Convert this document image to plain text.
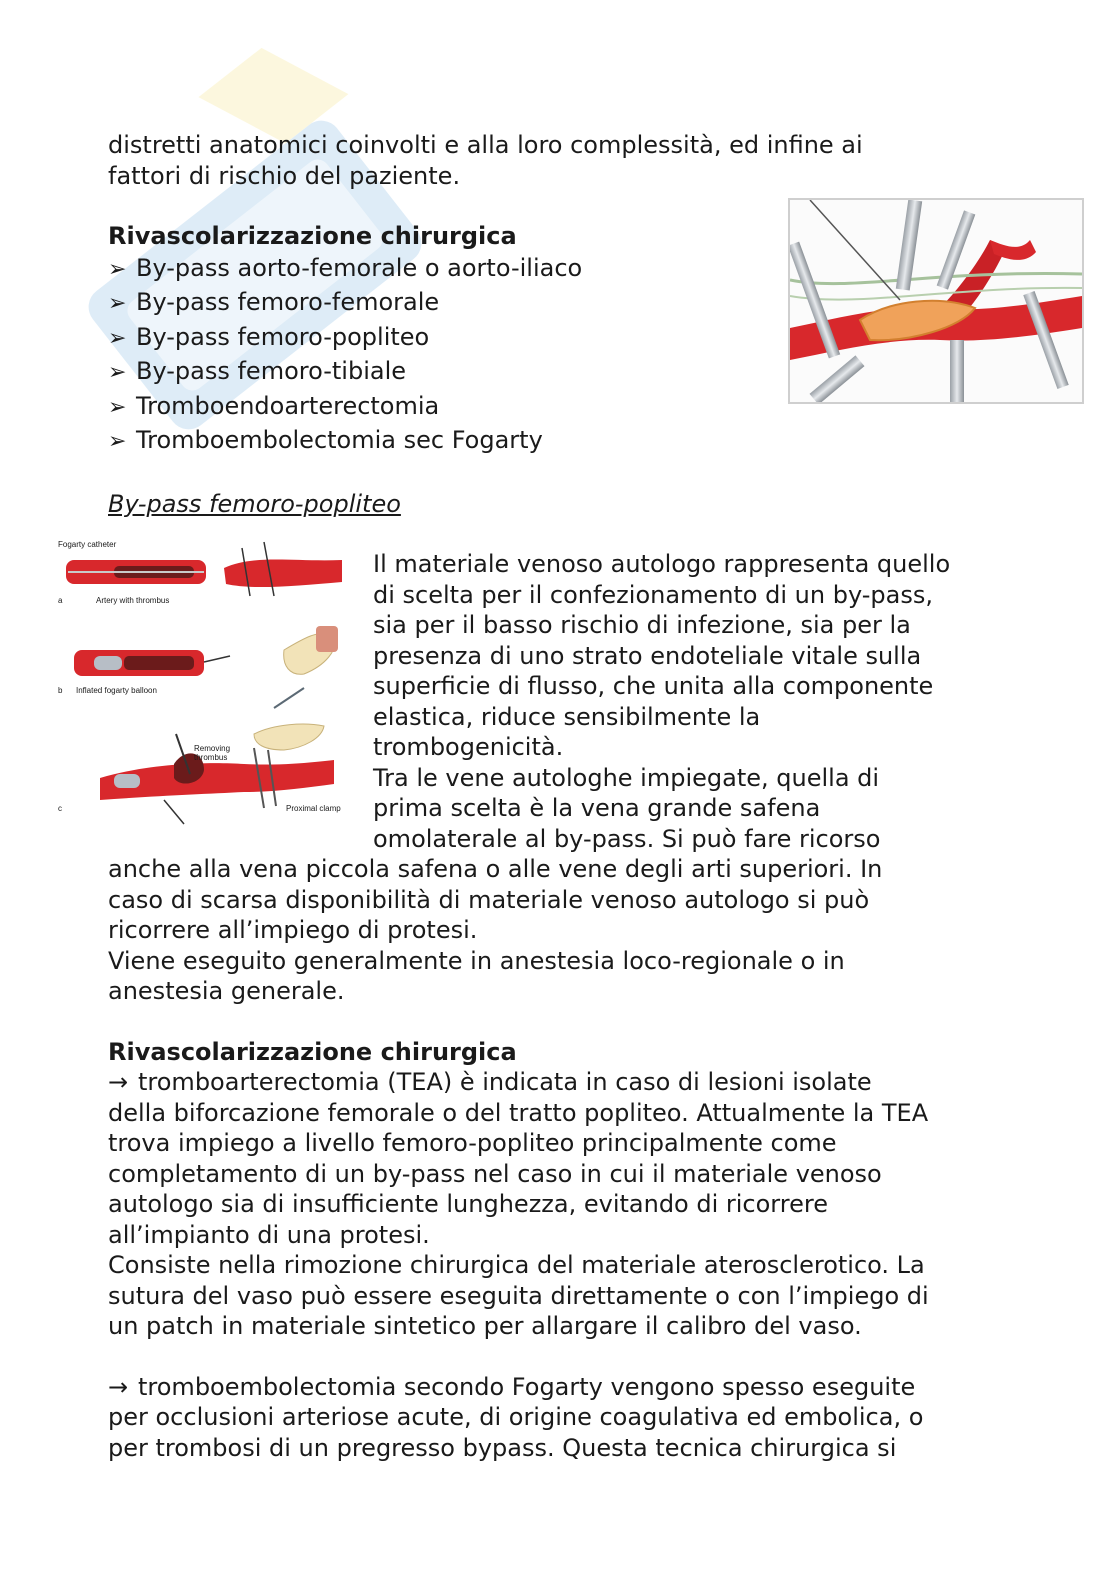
Fogarty catheter
a	Artery with thrombus
b Inflated fogarty balloon
Removing
thrombus
c	Proximal clamp

distretti anatomici coinvolti e alla loro complessità, ed infine ai

fattori di rischio del paziente.

Rivascolarizzazione chirurgica

➢ By-pass aorto-femorale o aorto-iliaco
➢ By-pass femoro-femorale
➢ By-pass femoro-popliteo
➢ By-pass femoro-tibiale
➢ Tromboendoarterectomia
➢ Tromboembolectomia sec Fogarty

By-pass femoro-popliteo

Il materiale venoso autologo rappresenta quello

di scelta per il confezionamento di un by-pass,

sia per il basso rischio di infezione, sia per la

presenza di uno strato endoteliale vitale sulla

superficie di flusso, che unita alla componente

elastica, riduce sensibilmente la

trombogenicità.

Tra le vene autologhe impiegate, quella di

prima scelta è la vena grande safena

omolaterale al by-pass. Si può fare ricorso

anche alla vena piccola safena o alle vene degli arti superiori. In

caso di scarsa disponibilità di materiale venoso autologo si può

ricorrere all’impiego di protesi.

Viene eseguito generalmente in anestesia loco-regionale o in

anestesia generale.

Rivascolarizzazione chirurgica

→ tromboarterectomia (TEA) è indicata in caso di lesioni isolate

della biforcazione femorale o del tratto popliteo. Attualmente la TEA

trova impiego a livello femoro-popliteo principalmente come

completamento di un by-pass nel caso in cui il materiale venoso

autologo sia di insufficiente lunghezza, evitando di ricorrere

all’impianto di una protesi.

Consiste nella rimozione chirurgica del materiale aterosclerotico. La

sutura del vaso può essere eseguita direttamente o con l’impiego di

un patch in materiale sintetico per allargare il calibro del vaso.

→ tromboembolectomia secondo Fogarty vengono spesso eseguite

per occlusioni arteriose acute, di origine coagulativa ed embolica, o

per trombosi di un pregresso bypass. Questa tecnica chirurgica si
